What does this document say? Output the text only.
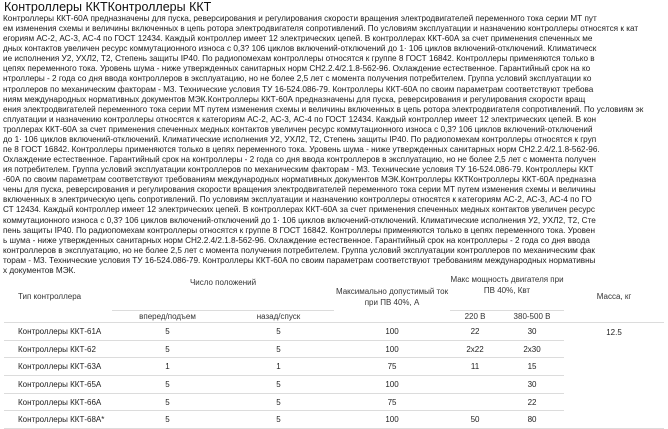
Контроллеры ККТКонтроллеры ККТ
Контроллеры ККТ-60А предназначены для пуска, реверсирования и регулирования скорости вращения электродвигателей переменного тока серии МТ пут
ем изменения схемы и величины включенных в цепь ротора электродвигателя сопротивлений. По условиям эксплуатации и назначению контроллеры относятся к кат
егориям АС-2, АС-3, АС-4 по ГОСТ 12434. Каждый контроллер имеет 12 электрических цепей. В контроллерах ККТ-60А за счет применения спеченных ме
дных контактов увеличен ресурс коммутационного износа с 0,3? 106 циклов включений-отключений до 1· 106 циклов включений-отключений. Климатическ
ие исполнения У2, УХЛ2, Т2, Степень защиты IP40. По радиопомехам контроллеры относятся к группе 8 ГОСТ 16842. Контроллеры применяются только в
цепях переменного тока. Уровень шума - ниже утвержденных санитарных норм СН2.2.4/2.1.8-562-96. Охлаждение естественное. Гарантийный срок на ко
нтроллеры - 2 года со дня ввода контроллеров в эксплуатацию, но не более 2,5 лет с момента получения потребителем. Группа условий эксплуатации ко
нтроллеров по механическим факторам - М3. Технические условия ТУ 16-524.086-79. Контроллеры ККТ-60А по своим параметрам соответствуют требова
ниям международных нормативных документов МЭК.Контроллеры ККТ-60А предназначены для пуска, реверсирования и регулирования скорости вращ
ения электродвигателей переменного тока серии МТ путем изменения схемы и величины включенных в цепь ротора электродвигателя сопротивлений. По условиям эк
сплуатации и назначению контроллеры относятся к категориям АС-2, АС-3, АС-4 по ГОСТ 12434. Каждый контроллер имеет 12 электрических цепей. В кон
троллерах ККТ-60А за счет применения спеченных медных контактов увеличен ресурс коммутационного износа с 0,3? 106 циклов включений-отключений
до 1· 106 циклов включений-отключений. Климатические исполнения У2, УХЛ2, Т2, Степень защиты IP40. По радиопомехам контроллеры относятся к груп
пе 8 ГОСТ 16842. Контроллеры применяются только в цепях переменного тока. Уровень шума - ниже утвержденных санитарных норм СН2.2.4/2.1.8-562-96.
Охлаждение естественное. Гарантийный срок на контроллеры - 2 года со дня ввода контроллеров в эксплуатацию, но не более 2,5 лет с момента получен
ия потребителем. Группа условий эксплуатации контроллеров по механическим факторам - М3. Технические условия ТУ 16-524.086-79. Контроллеры ККТ
-60А по своим параметрам соответствуют требованиям международных нормативных документов МЭК.Контроллеры ККТКонтроллеры ККТ-60А предназна
чены для пуска, реверсирования и регулирования скорости вращения электродвигателей переменного тока серии МТ путем изменения схемы и величины
включенных в электрическую цепь сопротивлений. По условиям эксплуатации и назначению контроллеры относятся к категориям АС-2, АС-3, АС-4 по ГО
СТ 12434. Каждый контроллер имеет 12 электрических цепей. В контроллерах ККТ-60А за счет применения спеченных медных контактов увеличен ресурс
коммутационного износа с 0,3? 106 циклов включений-отключений до 1· 106 циклов включений-отключений. Климатические исполнения У2, УХЛ2, Т2, Сте
пень защиты IP40. По радиопомехам контроллеры относятся к группе 8 ГОСТ 16842. Контроллеры применяются только в цепях переменного тока. Уровен
ь шума - ниже утвержденных санитарных норм СН2.2.4/2.1.8-562-96. Охлаждение естественное. Гарантийный срок на контроллеры - 2 года со дня ввода
контроллеров в эксплуатацию, но не более 2,5 лет с момента получения потребителем. Группа условий эксплуатации контроллеров по механическим фак
торам - М3. Технические условия ТУ 16-524.086-79. Контроллеры ККТ-60А по своим параметрам соответствуют требованиям международных нормативны
х документов МЭК.
Тип контроллера	Число положений		Максимально допустимый ток при ПВ 40%, А	Макс мощность двигателя при ПВ 40%, Квт		Масса, кг
	вперед/подъем	назад/спуск		220 В	380-500 В	
Контроллеры ККТ-61А	5	5	100	22	30	12.5
Контроллеры ККТ-62	5	5	100	2х22	2х30	
Контроллеры ККТ-63А	1	1	75	11	15	
Контроллеры ККТ-65А	5	5	100		30	
Контроллеры ККТ-66А	5	5	75		22	
Контроллеры ККТ-68А*	5	5	100	50	80	
